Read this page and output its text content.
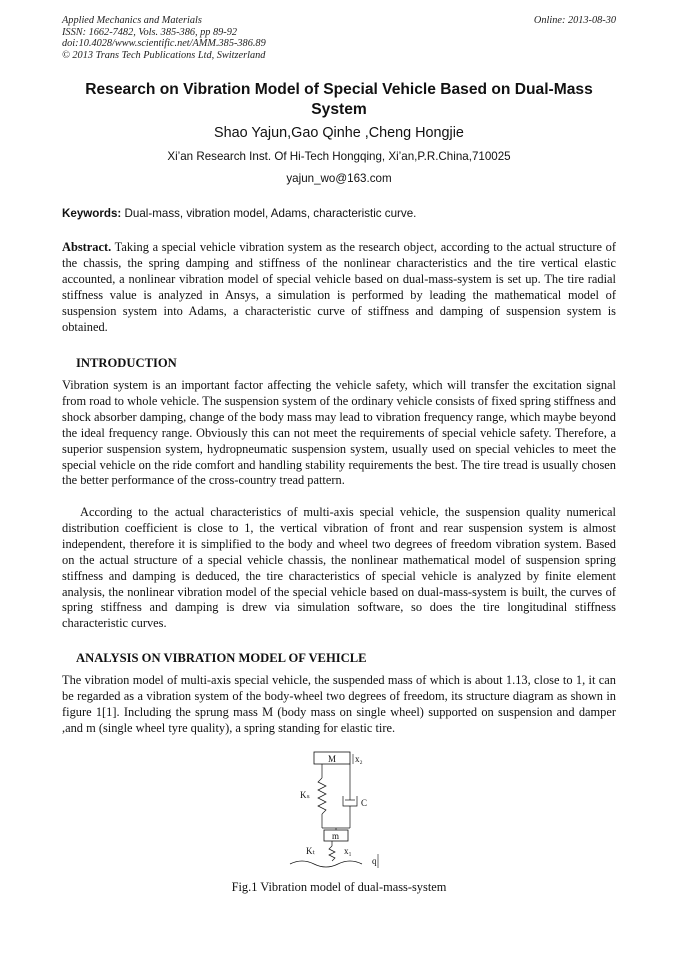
Applied Mechanics and Materials
ISSN: 1662-7482, Vols. 385-386, pp 89-92
doi:10.4028/www.scientific.net/AMM.385-386.89
© 2013 Trans Tech Publications Ltd, Switzerland
Online: 2013-08-30
Research on Vibration Model of Special Vehicle Based on Dual-Mass System
Shao Yajun,Gao Qinhe ,Cheng Hongjie
Xi’an Research Inst. Of Hi-Tech Hongqing, Xi’an,P.R.China,710025
yajun_wo@163.com
Keywords: Dual-mass, vibration model, Adams, characteristic curve.
Abstract. Taking a special vehicle vibration system as the research object, according to the actual structure of the chassis, the spring damping and stiffness of the nonlinear characteristics and the tire vertical elastic accounted, a nonlinear vibration model of special vehicle based on dual-mass-system is set up. The tire radial stiffness value is analyzed in Ansys, a simulation is performed by leading the mathematical model of suspension system into Adams, a characteristic curve of stiffness and damping of suspension system is obtained.
INTRODUCTION
Vibration system is an important factor affecting the vehicle safety, which will transfer the excitation signal from road to whole vehicle. The suspension system of the ordinary vehicle consists of fixed spring stiffness and shock absorber damping, change of the body mass may lead to vibration frequency range, which maybe beyond the ideal frequency range. Obviously this can not meet the requirements of special vehicle safety. Therefore, a superior suspension system, hydropneumatic suspension system, usually used on special vehicles to meet the special vehicle on the ride comfort and handling stability requirements the best. The tire tread is usually chosen the better performance of the cross-country tread pattern.
According to the actual characteristics of multi-axis special vehicle, the suspension quality numerical distribution coefficient is close to 1, the vertical vibration of front and rear suspension system is almost independent, therefore it is simplified to the body and wheel two degrees of freedom vibration system. Based on the actual structure of a special vehicle chassis, the nonlinear mathematical model of suspension spring stiffness and damping is deduced, the tire characteristics of special vehicle is analyzed by finite element analysis, the nonlinear vibration model of the special vehicle based on dual-mass-system is built, the curves of spring stiffness and damping is drew via simulation software, so does the tire longitudinal stiffness characteristic curves.
ANALYSIS ON VIBRATION MODEL OF VEHICLE
The vibration model of multi-axis special vehicle, the suspended mass of which is about 1.13, close to 1, it can be regarded as a vibration system of the body-wheel two degrees of freedom, its structure diagram as shown in figure 1[1]. Including the sprung mass M (body mass on single wheel) supported on suspension and damper ,and m (single wheel tyre quality), a spring standing for elastic tire.
M x₂
Kₛ
C
m
Kₜ	x₁
q
Fig.1 Vibration model of dual-mass-system
